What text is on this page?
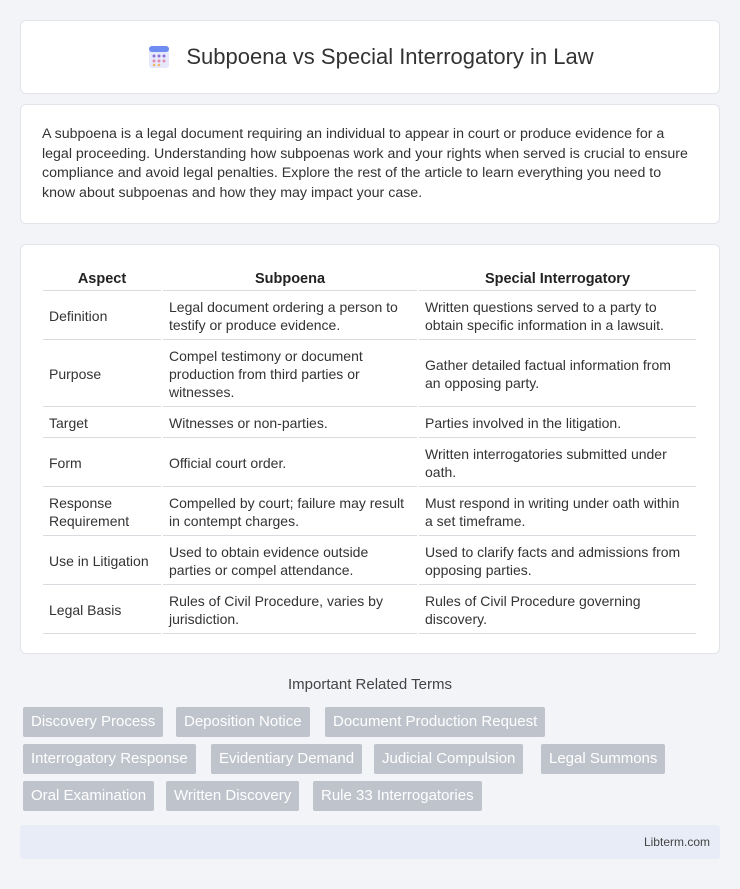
Subpoena vs Special Interrogatory in Law

A subpoena is a legal document requiring an individual to appear in court or produce evidence for a legal proceeding. Understanding how subpoenas work and your rights when served is crucial to ensure compliance and avoid legal penalties. Explore the rest of the article to learn everything you need to know about subpoenas and how they may impact your case.

Aspect	Subpoena	Special Interrogatory
Definition	Legal document ordering a person to testify or produce evidence.	Written questions served to a party to obtain specific information in a lawsuit.
Purpose	Compel testimony or document production from third parties or witnesses.	Gather detailed factual information from an opposing party.
Target	Witnesses or non-parties.	Parties involved in the litigation.
Form	Official court order.	Written interrogatories submitted under oath.
Response Requirement	Compelled by court; failure may result in contempt charges.	Must respond in writing under oath within a set timeframe.
Use in Litigation	Used to obtain evidence outside parties or compel attendance.	Used to clarify facts and admissions from opposing parties.
Legal Basis	Rules of Civil Procedure, varies by jurisdiction.	Rules of Civil Procedure governing discovery.
Important Related Terms
Discovery Process	Deposition Notice	Document Production Request
Interrogatory Response	Evidentiary Demand	Judicial Compulsion	Legal Summons
Oral Examination	Written Discovery	Rule 33 Interrogatories
Libterm.com
